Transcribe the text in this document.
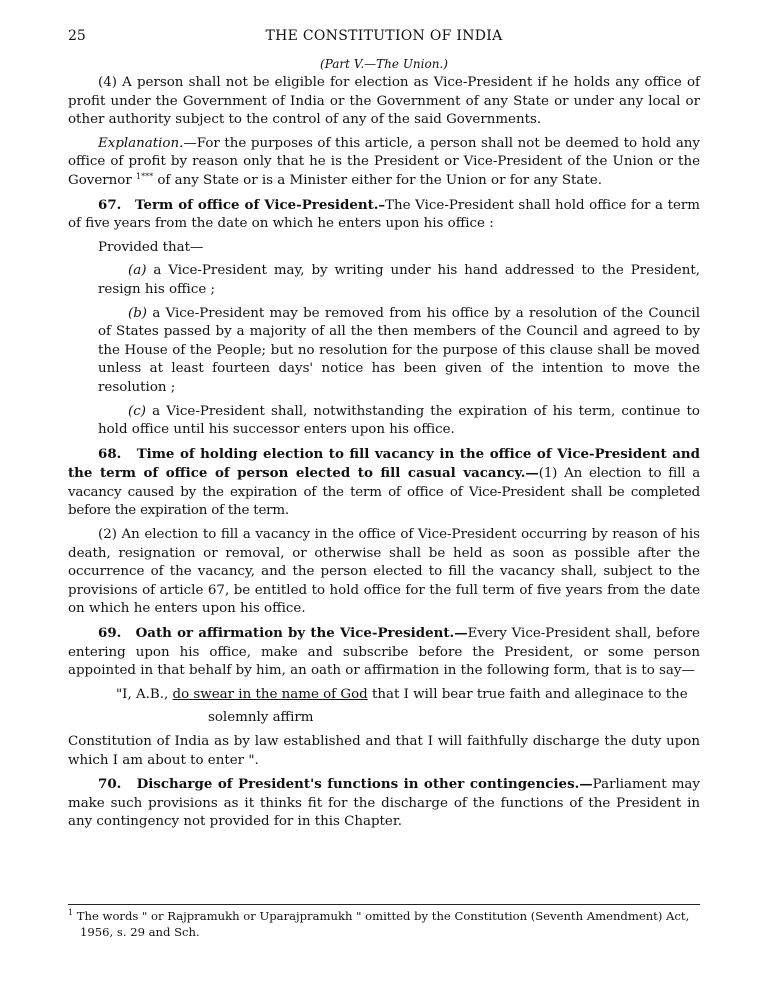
25	THE CONSTITUTION OF INDIA
(Part V.—The Union.)

(4) A person shall not be eligible for election as Vice-President if he holds any office of profit under the Government of India or the Government of any State or under any local or other authority subject to the control of any of the said Governments.

Explanation.—For the purposes of this article, a person shall not be deemed to hold any office of profit by reason only that he is the President or Vice-President of the Union or the Governor $^{1***}$ of any State or is a Minister either for the Union or for any State.

67. Term of office of Vice-President.–The Vice-President shall hold office for a term of five years from the date on which he enters upon his office :

Provided that—

(a) a Vice-President may, by writing under his hand addressed to the President, resign his office ;

(b) a Vice-President may be removed from his office by a resolution of the Council of States passed by a majority of all the then members of the Council and agreed to by the House of the People; but no resolution for the purpose of this clause shall be moved unless at least fourteen days' notice has been given of the intention to move the resolution ;

(c) a Vice-President shall, notwithstanding the expiration of his term, continue to hold office until his successor enters upon his office.

68. Time of holding election to fill vacancy in the office of Vice-President and the term of office of person elected to fill casual vacancy.—(1) An election to fill a vacancy caused by the expiration of the term of office of Vice-President shall be completed before the expiration of the term.

(2) An election to fill a vacancy in the office of Vice-President occurring by reason of his death, resignation or removal, or otherwise shall be held as soon as possible after the occurrence of the vacancy, and the person elected to fill the vacancy shall, subject to the provisions of article 67, be entitled to hold office for the full term of five years from the date on which he enters upon his office.

69. Oath or affirmation by the Vice-President.—Every Vice-President shall, before entering upon his office, make and subscribe before the President, or some person appointed in that behalf by him, an oath or affirmation in the following form, that is to say—

"I, A.B., do swear in the name of God that I will bear true faith and alleginace to the

solemnly affirm

Constitution of India as by law established and that I will faithfully discharge the duty upon which I am about to enter ".

70. Discharge of President's functions in other contingencies.—Parliament may make such provisions as it thinks fit for the discharge of the functions of the President in any contingency not provided for in this Chapter.

$^1$ The words " or Rajpramukh or Uparajpramukh " omitted by the Constitution (Seventh Amendment) Act, 1956, s. 29 and Sch.
